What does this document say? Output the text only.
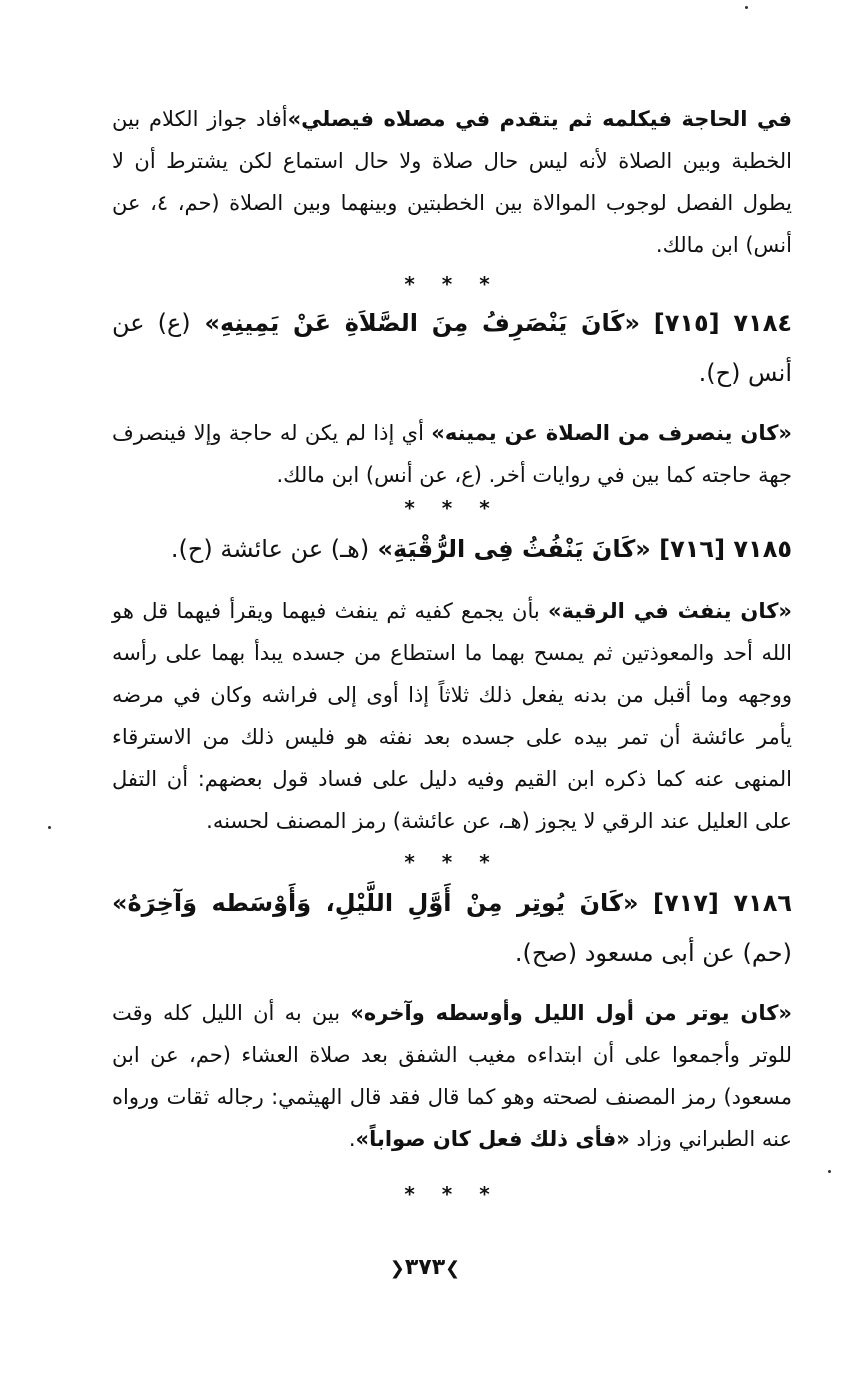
في الحاجة فيكلمه ثم يتقدم في مصلاه فيصلي»أفاد جواز الكلام بين الخطبة وبين الصلاة لأنه ليس حال صلاة ولا حال استماع لكن يشترط أن لا يطول الفصل لوجوب الموالاة بين الخطبتين وبينهما وبين الصلاة (حم، ٤، عن أنس) ابن مالك.

* * *

٧١٨٤ [٧١٥] «كَانَ يَنْصَرِفُ مِنَ الصَّلاَةِ عَنْ يَمِينِهِ» (ع) عن أنس (ح).

«كان ينصرف من الصلاة عن يمينه» أي إذا لم يكن له حاجة وإلا فينصرف جهة حاجته كما بين في روايات أخر. (ع، عن أنس) ابن مالك.

* * *

٧١٨٥ [٧١٦] «كَانَ يَنْفُثُ فِى الرُّقْيَةِ» (هـ) عن عائشة (ح).

«كان ينفث في الرقية» بأن يجمع كفيه ثم ينفث فيهما ويقرأ فيهما قل هو الله أحد والمعوذتين ثم يمسح بهما ما استطاع من جسده يبدأ بهما على رأسه ووجهه وما أقبل من بدنه يفعل ذلك ثلاثاً إذا أوى إلى فراشه وكان في مرضه يأمر عائشة أن تمر بيده على جسده بعد نفثه هو فليس ذلك من الاسترقاء المنهى عنه كما ذكره ابن القيم وفيه دليل على فساد قول بعضهم: أن التفل على العليل عند الرقي لا يجوز (هـ، عن عائشة) رمز المصنف لحسنه.

* * *

٧١٨٦ [٧١٧] «كَانَ يُوتِر مِنْ أَوَّلِ اللَّيْلِ، وَأَوْسَطه وَآخِرَهُ» (حم) عن أبى مسعود (صح).

«كان يوتر من أول الليل وأوسطه وآخره» بين به أن الليل كله وقت للوتر وأجمعوا على أن ابتداءه مغيب الشفق بعد صلاة العشاء (حم، عن ابن مسعود) رمز المصنف لصحته وهو كما قال فقد قال الهيثمي: رجاله ثقات ورواه عنه الطبراني وزاد «فأى ذلك فعل كان صواباً».

* * *

❯٣٧٣❮
